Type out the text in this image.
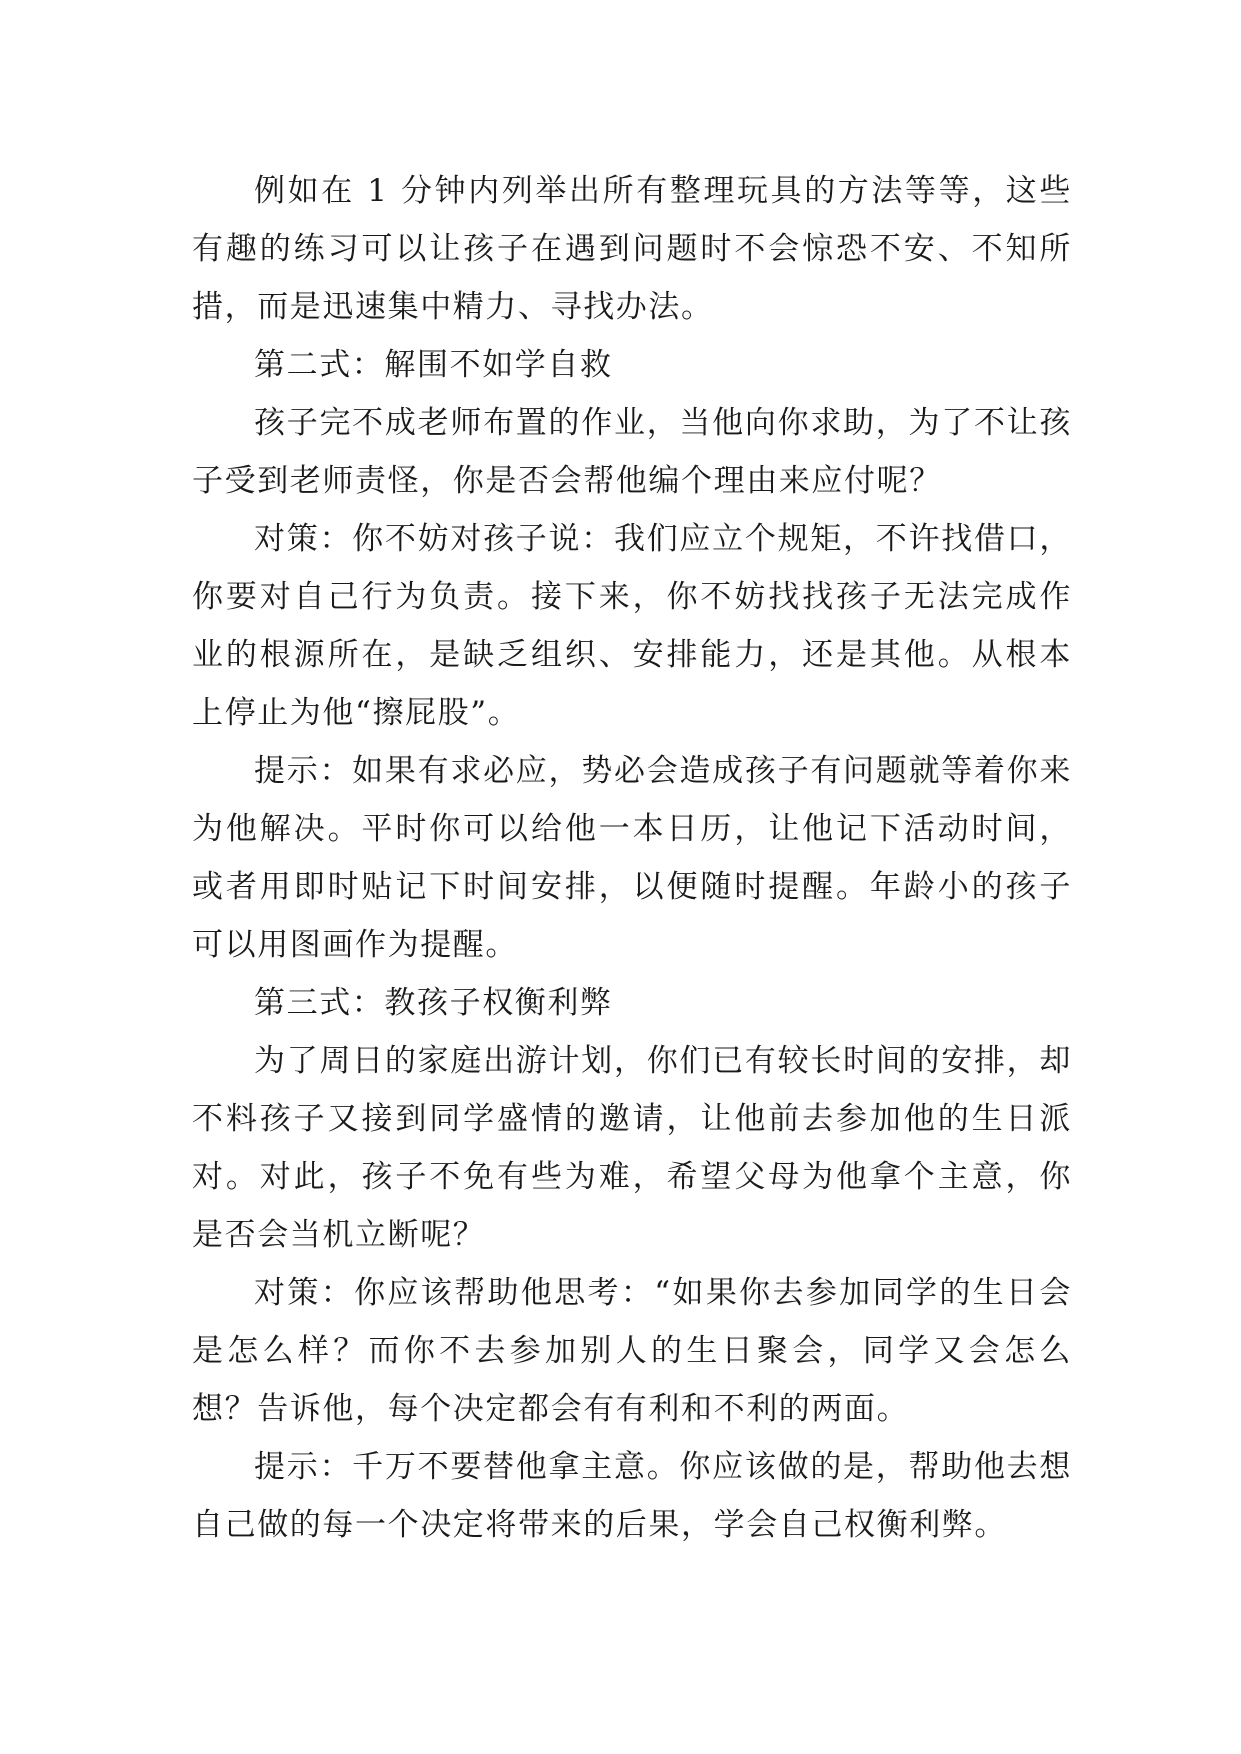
例如在 1 分钟内列举出所有整理玩具的方法等等，这些有趣的练习可以让孩子在遇到问题时不会惊恐不安、不知所措，而是迅速集中精力、寻找办法。

第二式：解围不如学自救

孩子完不成老师布置的作业，当他向你求助，为了不让孩子受到老师责怪，你是否会帮他编个理由来应付呢？

对策：你不妨对孩子说：我们应立个规矩，不许找借口，你要对自己行为负责。接下来，你不妨找找孩子无法完成作业的根源所在，是缺乏组织、安排能力，还是其他。从根本上停止为他“擦屁股”。

提示：如果有求必应，势必会造成孩子有问题就等着你来为他解决。平时你可以给他一本日历，让他记下活动时间，或者用即时贴记下时间安排，以便随时提醒。年龄小的孩子可以用图画作为提醒。

第三式：教孩子权衡利弊

为了周日的家庭出游计划，你们已有较长时间的安排，却不料孩子又接到同学盛情的邀请，让他前去参加他的生日派对。对此，孩子不免有些为难，希望父母为他拿个主意，你是否会当机立断呢？

对策：你应该帮助他思考：“如果你去参加同学的生日会是怎么样？而你不去参加别人的生日聚会，同学又会怎么想？告诉他，每个决定都会有有利和不利的两面。

提示：千万不要替他拿主意。你应该做的是，帮助他去想自己做的每一个决定将带来的后果，学会自己权衡利弊。
